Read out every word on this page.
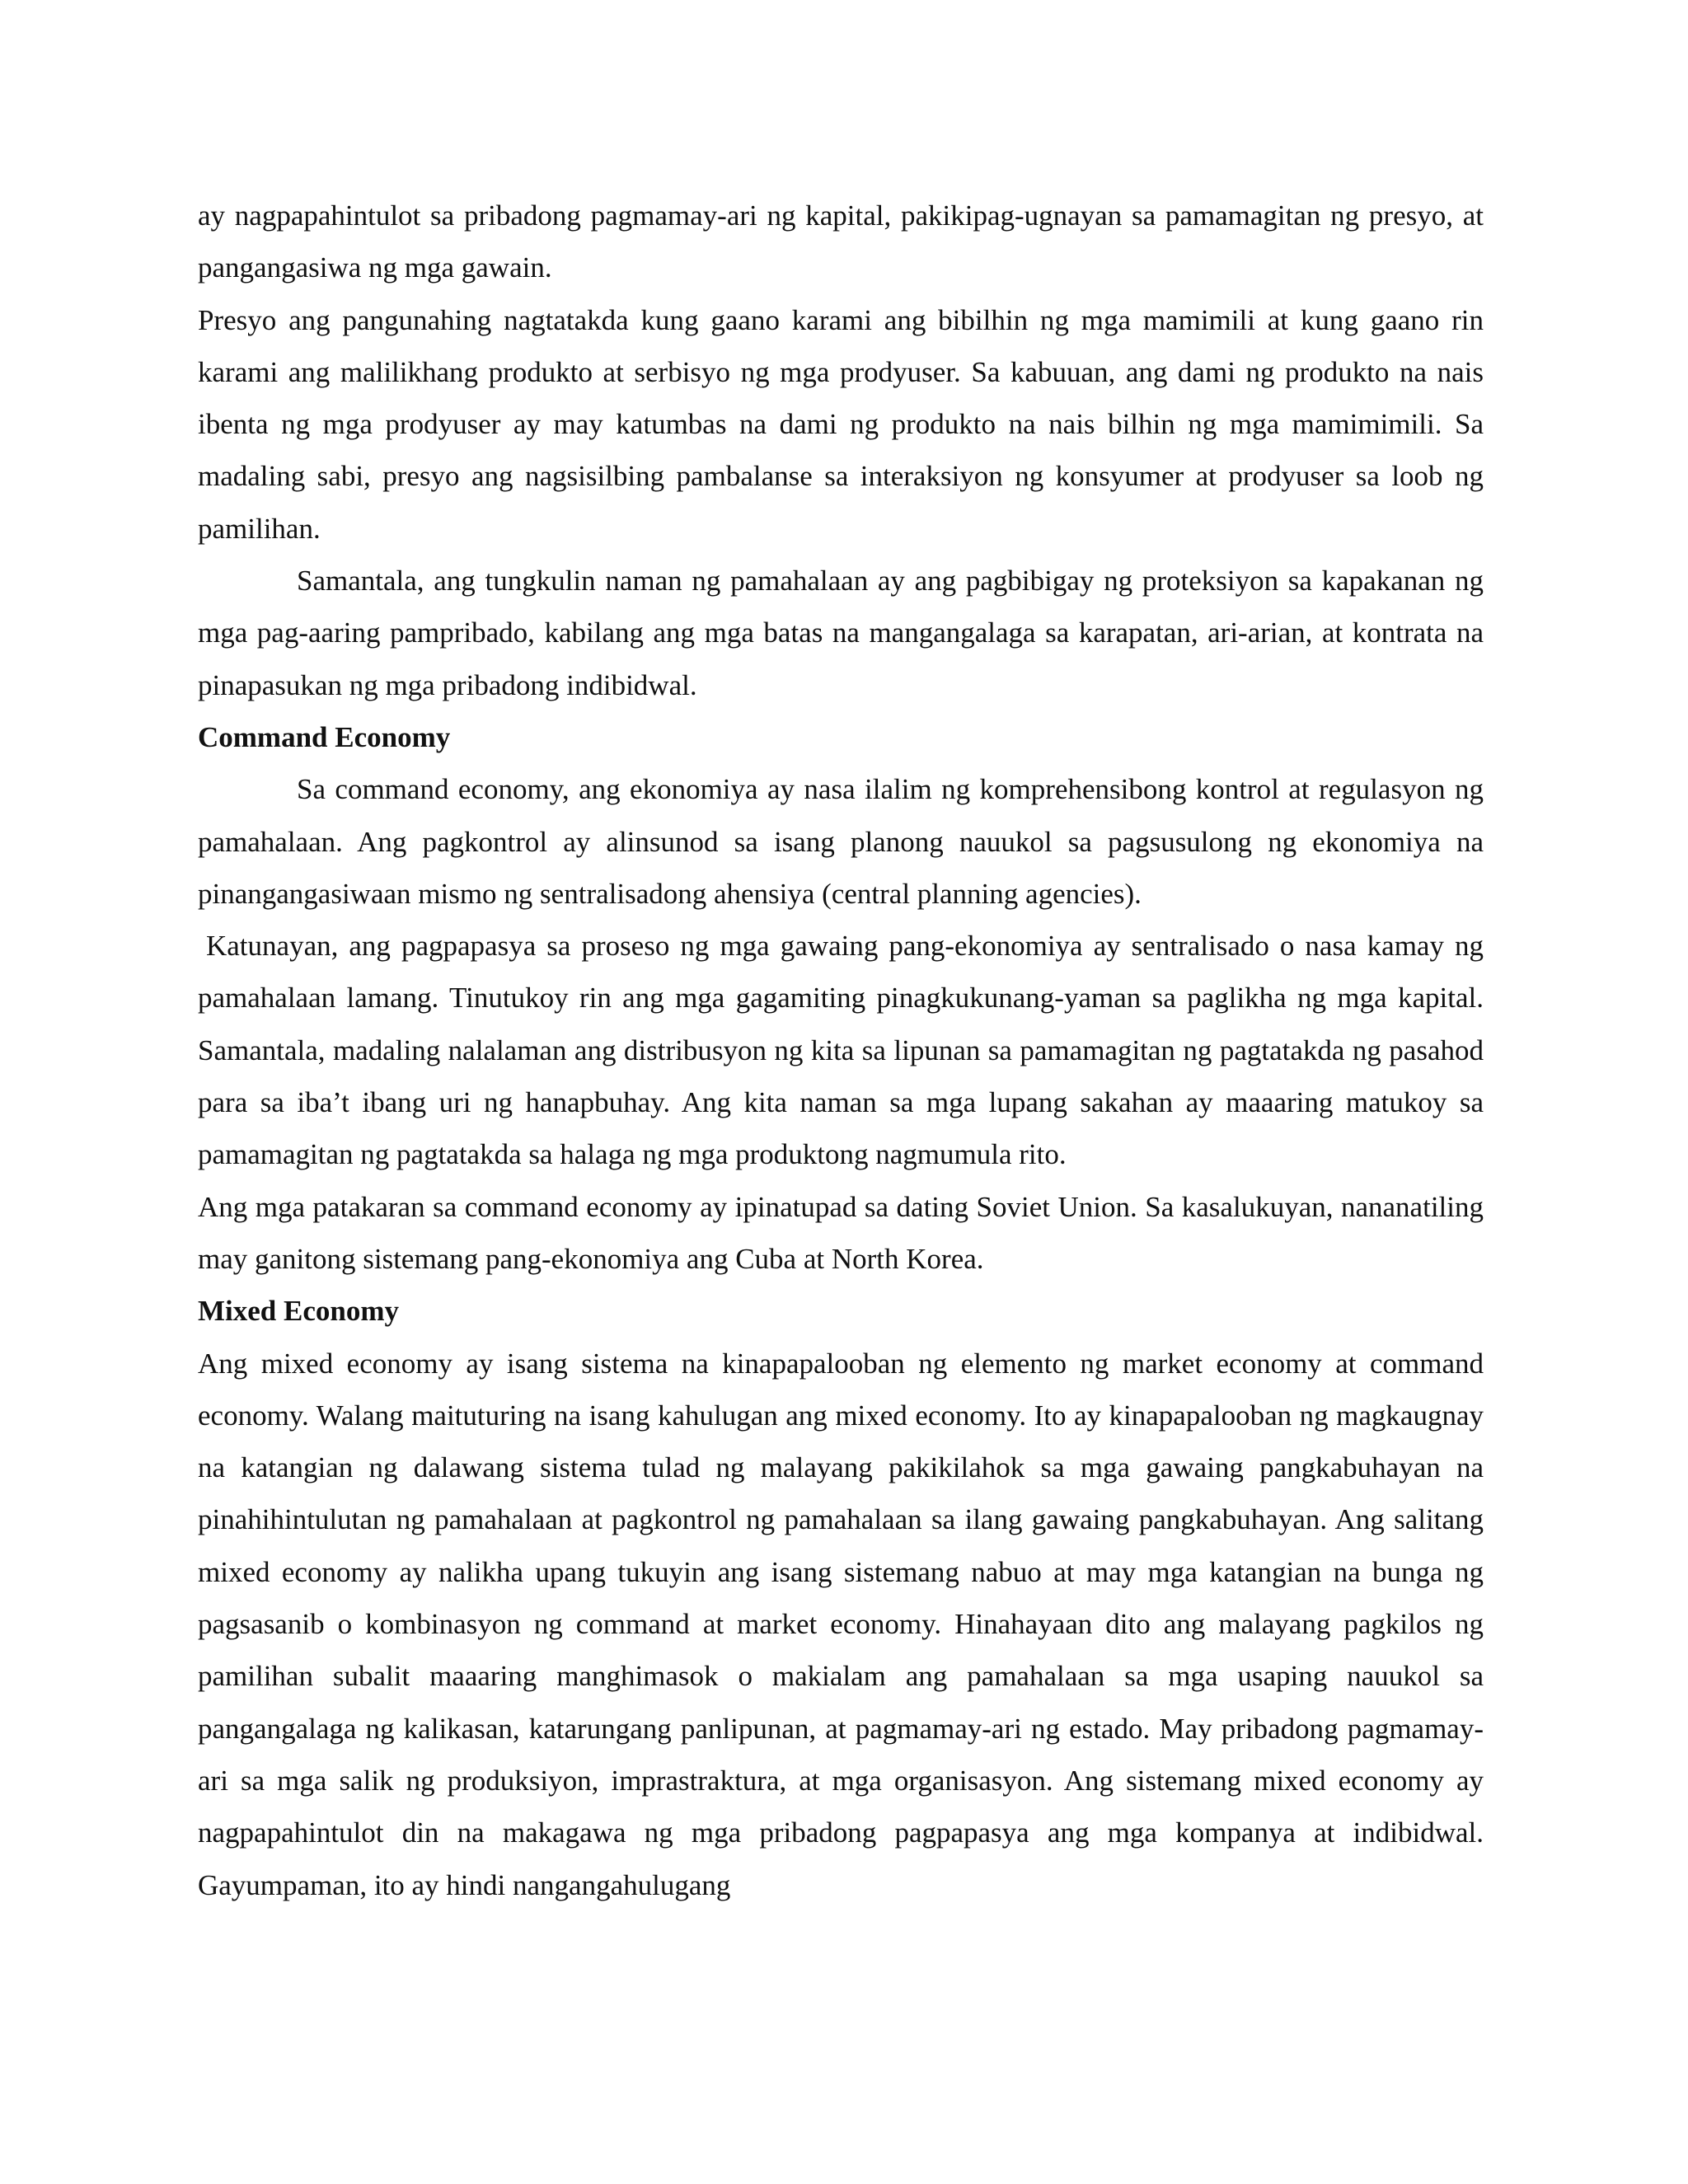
ay nagpapahintulot sa pribadong pagmamay-ari ng kapital, pakikipag-ugnayan sa pamamagitan ng presyo, at pangangasiwa ng mga gawain.

Presyo ang pangunahing nagtatakda kung gaano karami ang bibilhin ng mga mamimili at kung gaano rin karami ang malilikhang produkto at serbisyo ng mga prodyuser. Sa kabuuan, ang dami ng produkto na nais ibenta ng mga prodyuser ay may katumbas na dami ng produkto na nais bilhin ng mga mamimimili. Sa madaling sabi, presyo ang nagsisilbing pambalanse sa interaksiyon ng konsyumer at prodyuser sa loob ng pamilihan.

Samantala, ang tungkulin naman ng pamahalaan ay ang pagbibigay ng proteksiyon sa kapakanan ng mga pag-aaring pampribado, kabilang ang mga batas na mangangalaga sa karapatan, ari-arian, at kontrata na pinapasukan ng mga pribadong indibidwal.

Command Economy

Sa command economy, ang ekonomiya ay nasa ilalim ng komprehensibong kontrol at regulasyon ng pamahalaan. Ang pagkontrol ay alinsunod sa isang planong nauukol sa pagsusulong ng ekonomiya na pinangangasiwaan mismo ng sentralisadong ahensiya (central planning agencies).

Katunayan, ang pagpapasya sa proseso ng mga gawaing pang-ekonomiya ay sentralisado o nasa kamay ng pamahalaan lamang. Tinutukoy rin ang mga gagamiting pinagkukunang-yaman sa paglikha ng mga kapital. Samantala, madaling nalalaman ang distribusyon ng kita sa lipunan sa pamamagitan ng pagtatakda ng pasahod para sa iba’t ibang uri ng hanapbuhay. Ang kita naman sa mga lupang sakahan ay maaaring matukoy sa pamamagitan ng pagtatakda sa halaga ng mga produktong nagmumula rito.

Ang mga patakaran sa command economy ay ipinatupad sa dating Soviet Union. Sa kasalukuyan, nananatiling may ganitong sistemang pang-ekonomiya ang Cuba at North Korea.

Mixed Economy

Ang mixed economy ay isang sistema na kinapapalooban ng elemento ng market economy at command economy. Walang maituturing na isang kahulugan ang mixed economy. Ito ay kinapapalooban ng magkaugnay na katangian ng dalawang sistema tulad ng malayang pakikilahok sa mga gawaing pangkabuhayan na pinahihintulutan ng pamahalaan at pagkontrol ng pamahalaan sa ilang gawaing pangkabuhayan. Ang salitang mixed economy ay nalikha upang tukuyin ang isang sistemang nabuo at may mga katangian na bunga ng pagsasanib o kombinasyon ng command at market economy. Hinahayaan dito ang malayang pagkilos ng pamilihan subalit maaaring manghimasok o makialam ang pamahalaan sa mga usaping nauukol sa pangangalaga ng kalikasan, katarungang panlipunan, at pagmamay-ari ng estado. May pribadong pagmamay-ari sa mga salik ng produksiyon, imprastraktura, at mga organisasyon. Ang sistemang mixed economy ay nagpapahintulot din na makagawa ng mga pribadong pagpapasya ang mga kompanya at indibidwal. Gayumpaman, ito ay hindi nangangahulugang
